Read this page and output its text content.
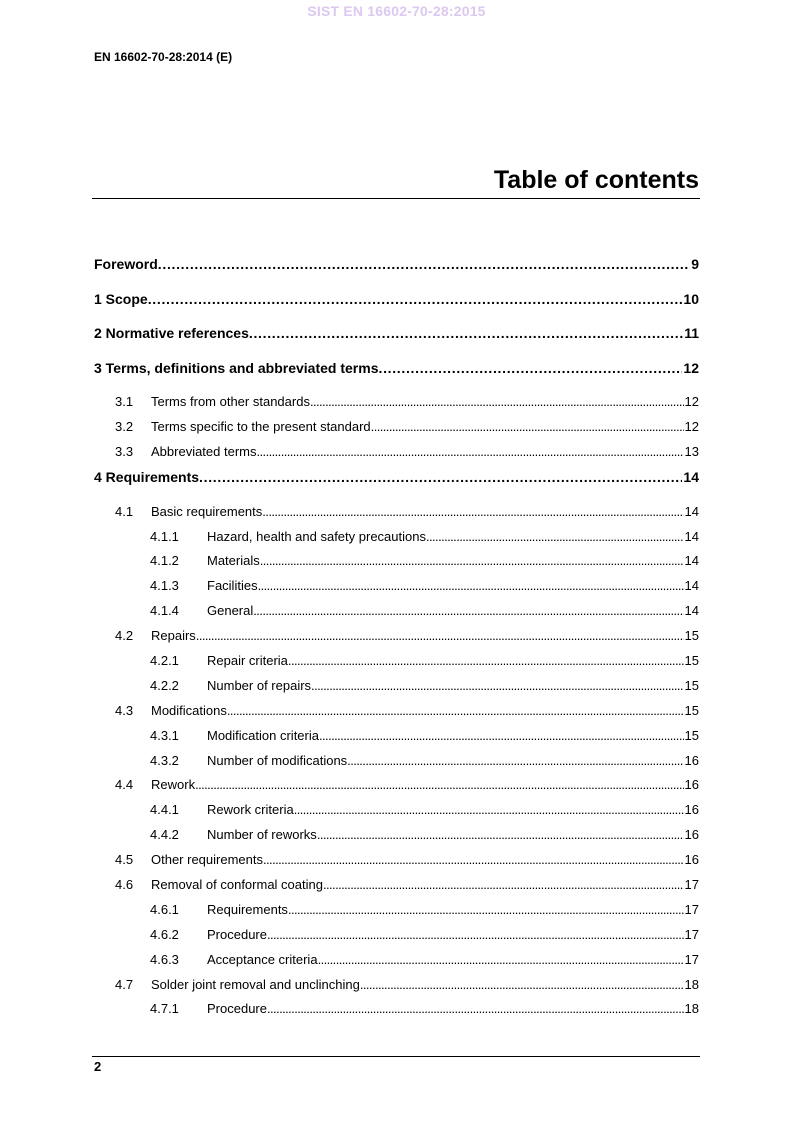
SIST EN 16602-70-28:2015
EN 16602-70-28:2014 (E)
Table of contents
Foreword . . .	9
1 Scope . . .	10
2 Normative references . . .	11
3 Terms, definitions and abbreviated terms . . .	12
3.1	Terms from other standards . . .	12
3.2	Terms specific to the present standard . . .	12
3.3	Abbreviated terms . . .	13
4 Requirements . . .	14
4.1	Basic requirements . . .	14
4.1.1	Hazard, health and safety precautions . . .	14
4.1.2	Materials . . .	14
4.1.3	Facilities . . .	14
4.1.4	General . . .	14
4.2	Repairs . . .	15
4.2.1	Repair criteria . . .	15
4.2.2	Number of repairs . . .	15
4.3	Modifications . . .	15
4.3.1	Modification criteria . . .	15
4.3.2	Number of modifications . . .	16
4.4	Rework . . .	16
4.4.1	Rework criteria . . .	16
4.4.2	Number of reworks . . .	16
4.5	Other requirements . . .	16
4.6	Removal of conformal coating . . .	17
4.6.1	Requirements . . .	17
4.6.2	Procedure . . .	17
4.6.3	Acceptance criteria . . .	17
4.7	Solder joint removal and unclinching . . .	18
4.7.1	Procedure . . .	18
2
